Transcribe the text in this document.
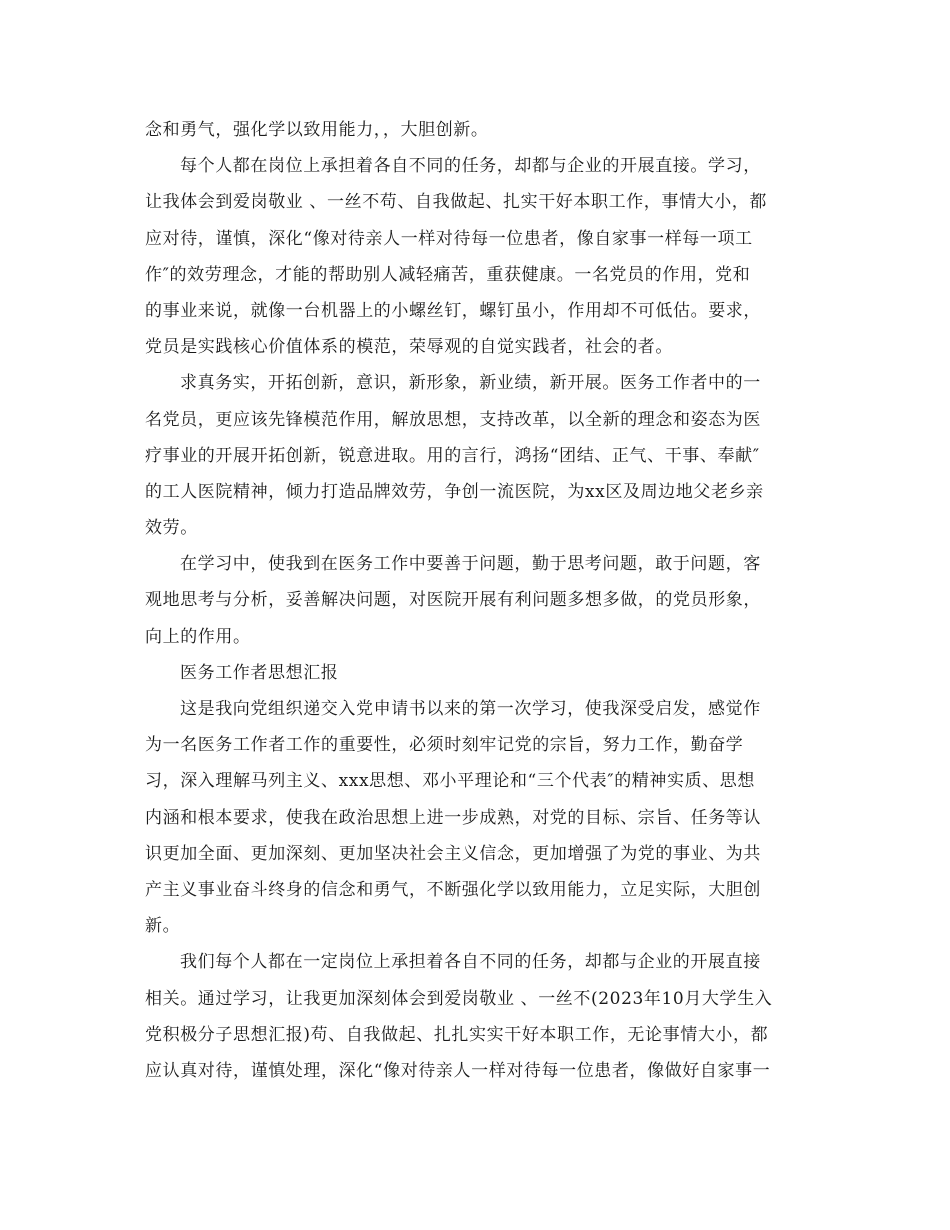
念和勇气，强化学以致用能力，，大胆创新。
每个人都在岗位上承担着各自不同的任务，却都与企业的开展直接。学习，
让我体会到爱岗敬业 、一丝不苟、自我做起、扎实干好本职工作，事情大小，都
应对待，谨慎，深化“像对待亲人一样对待每一位患者，像自家事一样每一项工
作″的效劳理念，才能的帮助别人减轻痛苦，重获健康。一名党员的作用，党和
的事业来说，就像一台机器上的小螺丝钉，螺钉虽小，作用却不可低估。要求，
党员是实践核心价值体系的模范，荣辱观的自觉实践者，社会的者。
求真务实，开拓创新，意识，新形象，新业绩，新开展。医务工作者中的一
名党员，更应该先锋模范作用，解放思想，支持改革，以全新的理念和姿态为医
疗事业的开展开拓创新，锐意进取。用的言行，鸿扬“团结、正气、干事、奉献″
的工人医院精神，倾力打造品牌效劳，争创一流医院，为xx区及周边地父老乡亲
效劳。
在学习中，使我到在医务工作中要善于问题，勤于思考问题，敢于问题，客
观地思考与分析，妥善解决问题，对医院开展有利问题多想多做，的党员形象，
向上的作用。
医务工作者思想汇报
这是我向党组织递交入党申请书以来的第一次学习，使我深受启发，感觉作
为一名医务工作者工作的重要性，必须时刻牢记党的宗旨，努力工作，勤奋学
习，深入理解马列主义、xxx思想、邓小平理论和“三个代表″的精神实质、思想
内涵和根本要求，使我在政治思想上进一步成熟，对党的目标、宗旨、任务等认
识更加全面、更加深刻、更加坚决社会主义信念，更加增强了为党的事业、为共
产主义事业奋斗终身的信念和勇气，不断强化学以致用能力，立足实际，大胆创
新。
我们每个人都在一定岗位上承担着各自不同的任务，却都与企业的开展直接
相关。通过学习，让我更加深刻体会到爱岗敬业 、一丝不(2023年10月大学生入
党积极分子思想汇报)苟、自我做起、扎扎实实干好本职工作，无论事情大小，都
应认真对待，谨慎处理，深化“像对待亲人一样对待每一位患者，像做好自家事一
